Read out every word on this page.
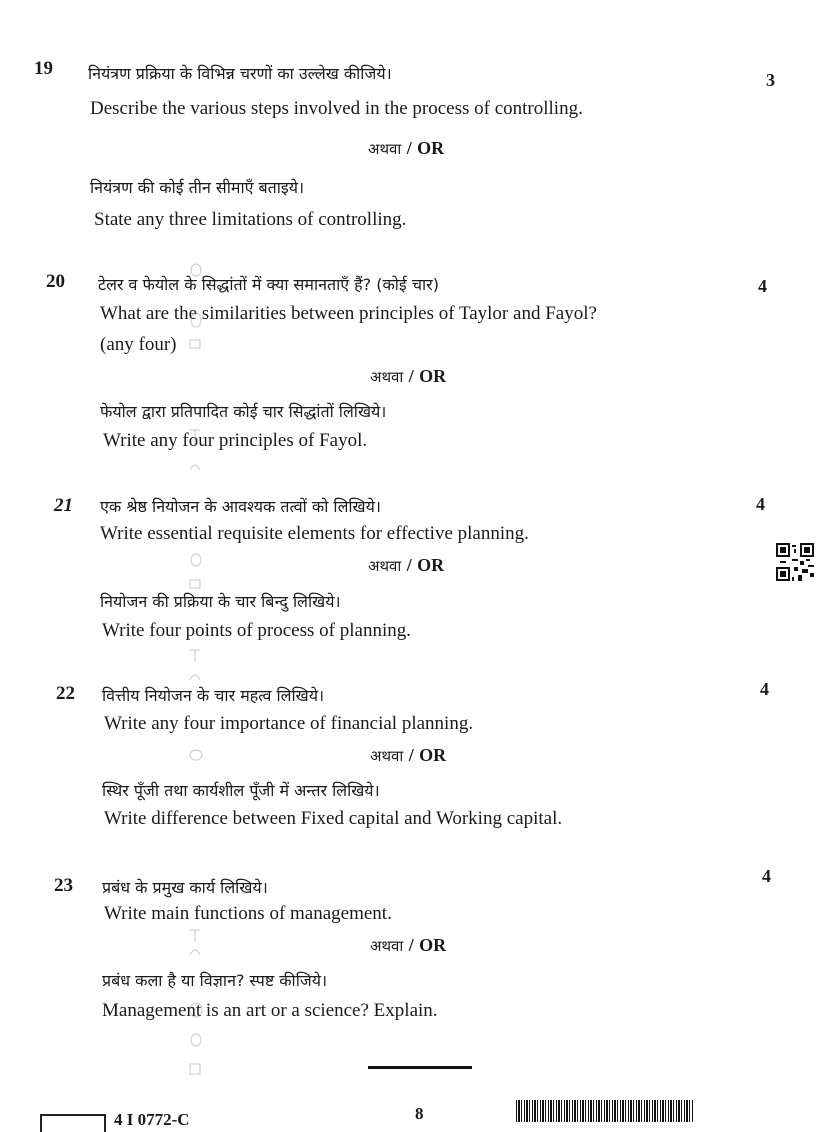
19 नियंत्रण प्रक्रिया के विभिन्न चरणों का उल्लेख कीजिये।	3
Describe the various steps involved in the process of controlling.
अथवा / OR
नियंत्रण की कोई तीन सीमाएँ बताइये।
State any three limitations of controlling.
20 टेलर व फेयोल के सिद्धांतों में क्या समानताएँ हैं? (कोई चार)	4
What are the similarities between principles of Taylor and Fayol?
(any four)
अथवा / OR
फेयोल द्वारा प्रतिपादित कोई चार सिद्धांतों लिखिये।
Write any four principles of Fayol.
21 एक श्रेष्ठ नियोजन के आवश्यक तत्वों को लिखिये।	4
Write essential requisite elements for effective planning.
अथवा / OR
नियोजन की प्रक्रिया के चार बिन्दु लिखिये।
Write four points of process of planning.
22 वित्तीय नियोजन के चार महत्व लिखिये।	4
Write any four importance of financial planning.
अथवा / OR
स्थिर पूँजी तथा कार्यशील पूँजी में अन्तर लिखिये।
Write difference between Fixed capital and Working capital.
23 प्रबंध के प्रमुख कार्य लिखिये।
4
Write main functions of management.
अथवा / OR
प्रबंध कला है या विज्ञान? स्पष्ट कीजिये।
Management is an art or a science? Explain.
4 I 0772-C	8
